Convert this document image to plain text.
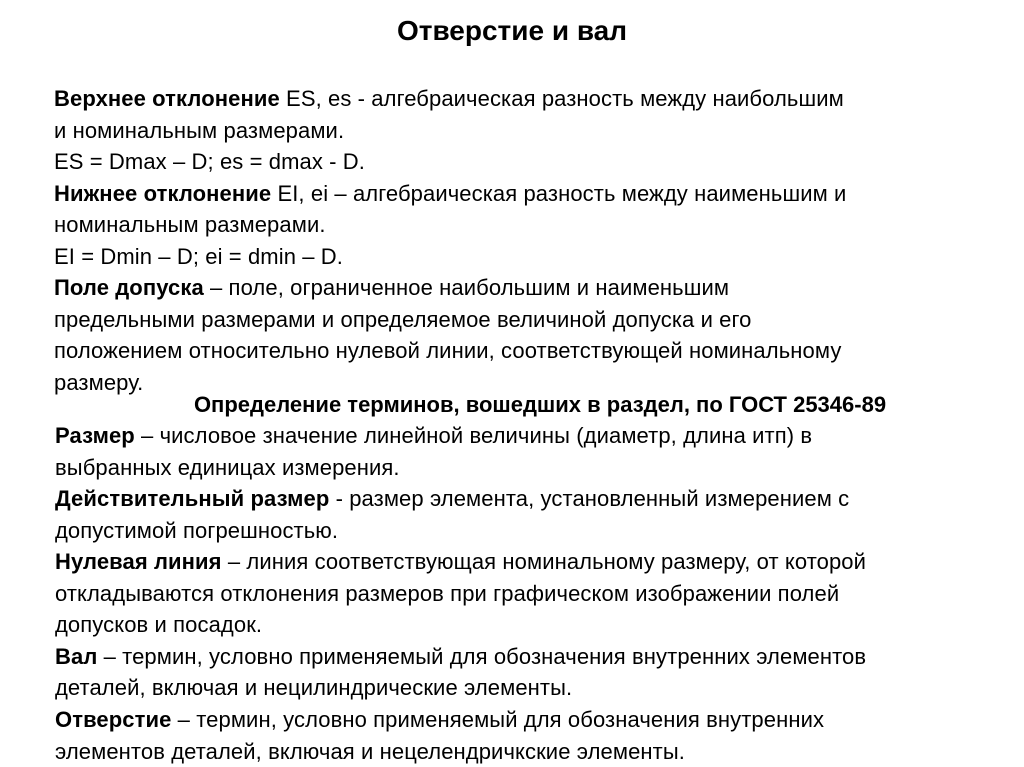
Отверстие и вал

Верхнее отклонение ES, es - алгебраическая разность между наибольшим
и номинальным размерами.

ES = Dmax – D; es = dmax - D.

Нижнее отклонение EI, ei – алгебраическая разность между наименьшим и
номинальным размерами.

EI = Dmin – D; ei = dmin – D.

Поле допуска – поле, ограниченное наибольшим и наименьшим
предельными размерами и определяемое величиной допуска и его
положением относительно нулевой линии, соответствующей номинальному
размеру.

Определение терминов, вошедших в раздел, по ГОСТ 25346-89

Размер – числовое значение линейной величины (диаметр, длина итп) в
выбранных единицах измерения.

Действительный размер - размер элемента, установленный измерением с
допустимой погрешностью.

Нулевая линия – линия соответствующая номинальному размеру, от которой
откладываются отклонения размеров при графическом изображении полей
допусков и посадок.

Вал – термин, условно применяемый для обозначения внутренних элементов
деталей, включая и нецилиндрические элементы.

Отверстие – термин, условно применяемый для обозначения внутренних
элементов деталей, включая и нецелендричкские элементы.
